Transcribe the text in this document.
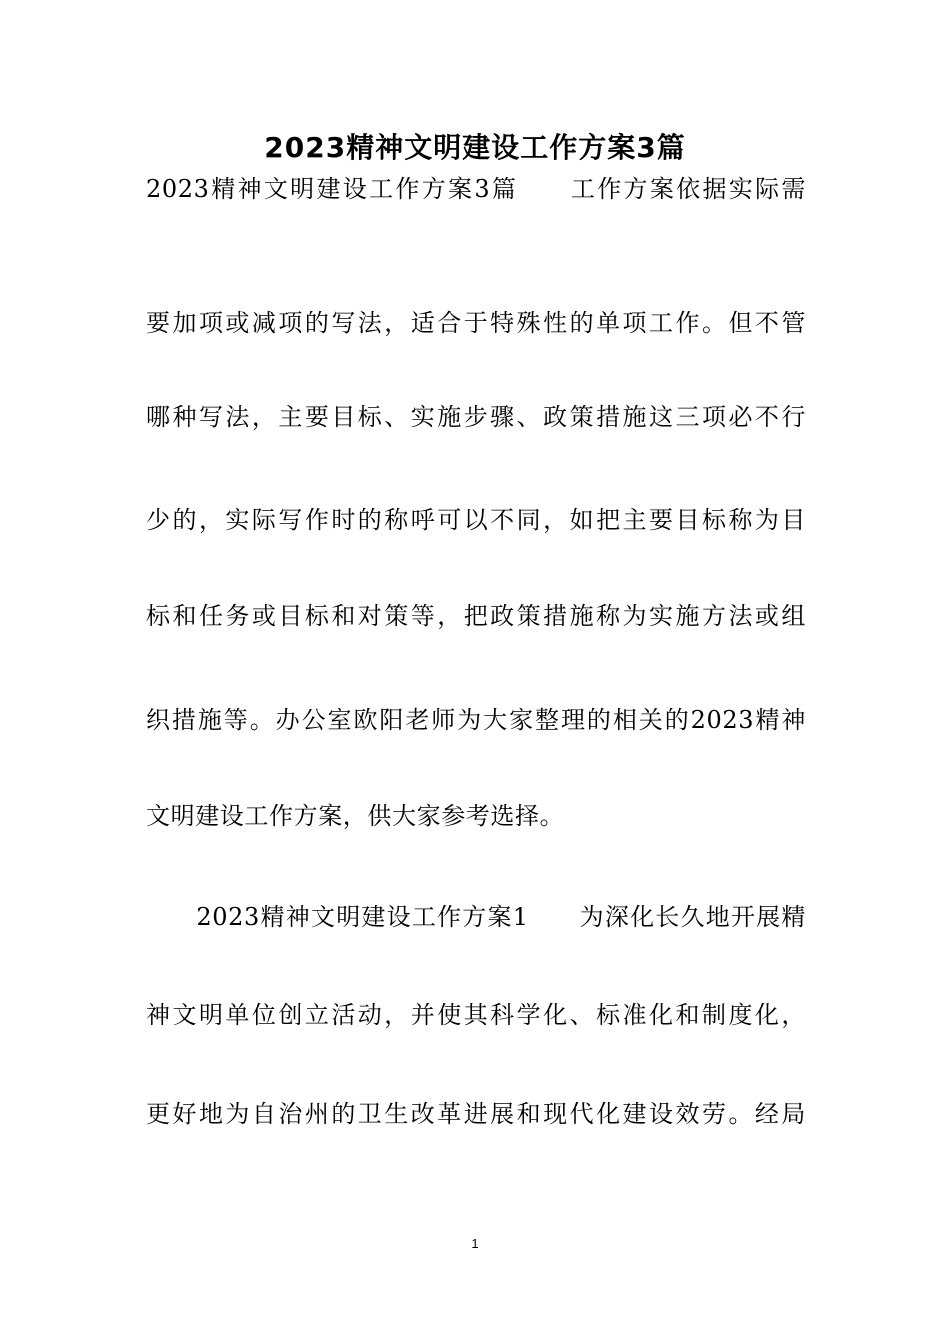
2023精神文明建设工作方案3篇
2023精神文明建设工作方案3篇　　工作方案依据实际需
要加项或减项的写法，适合于特殊性的单项工作。但不管
哪种写法，主要目标、实施步骤、政策措施这三项必不行
少的，实际写作时的称呼可以不同，如把主要目标称为目
标和任务或目标和对策等，把政策措施称为实施方法或组
织措施等。办公室欧阳老师为大家整理的相关的2023精神
文明建设工作方案，供大家参考选择。
　　2023精神文明建设工作方案1　　为深化长久地开展精
神文明单位创立活动，并使其科学化、标准化和制度化，
更好地为自治州的卫生改革进展和现代化建设效劳。经局
1
